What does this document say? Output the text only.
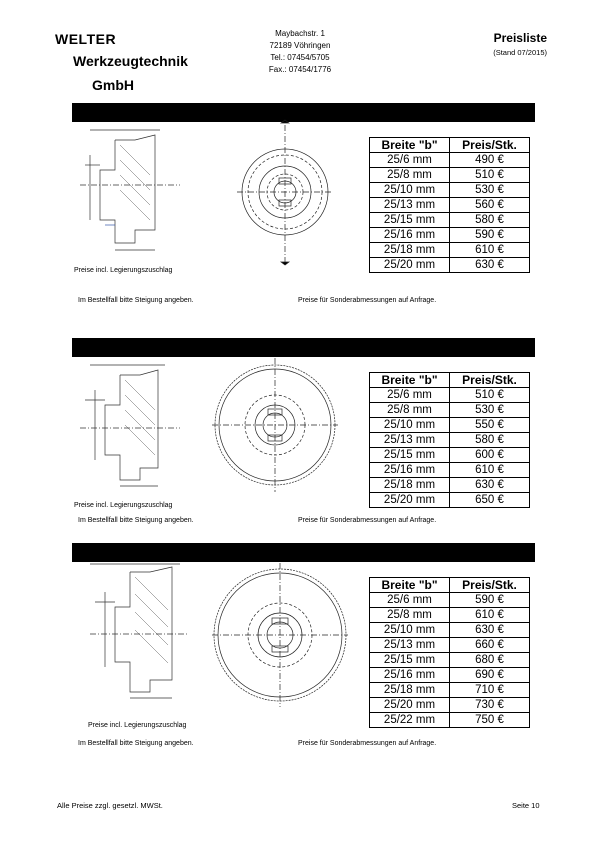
WELTER
Werkzeugtechnik
GmbH
Maybachstr. 1
72189 Vöhringen
Tel.: 07454/5705
Fax.: 07454/1776
Preisliste
(Stand 07/2015)
Breite "b"	Preis/Stk.
25/6 mm	490 €
25/8 mm	510 €
25/10 mm	530 €
25/13 mm	560 €
25/15 mm	580 €
25/16 mm	590 €
25/18 mm	610 €
25/20 mm	630 €
Preise incl. Legierungszuschlag
Im Bestellfall bitte Steigung angeben.	Preise für Sonderabmessungen auf Anfrage.
Breite "b"	Preis/Stk.
25/6 mm	510 €
25/8 mm	530 €
25/10 mm	550 €
25/13 mm	580 €
25/15 mm	600 €
25/16 mm	610 €
25/18 mm	630 €
25/20 mm	650 €
Preise incl. Legierungszuschlag
Im Bestellfall bitte Steigung angeben.	Preise für Sonderabmessungen auf Anfrage.
Breite "b"	Preis/Stk.
25/6 mm	590 €
25/8 mm	610 €
25/10 mm	630 €
25/13 mm	660 €
25/15 mm	680 €
25/16 mm	690 €
25/18 mm	710 €
25/20 mm	730 €
25/22 mm	750 €
Preise incl. Legierungszuschlag
Im Bestellfall bitte Steigung angeben.	Preise für Sonderabmessungen auf Anfrage.
Alle Preise zzgl. gesetzl. MWSt.	Seite 10
